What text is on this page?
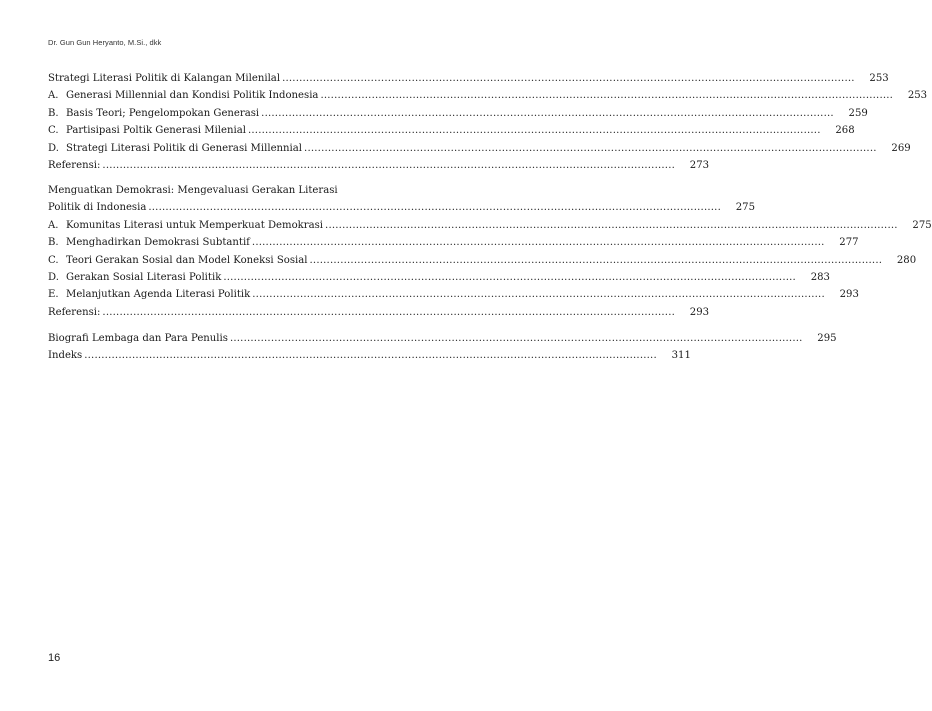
Dr. Gun Gun Heryanto, M.Si., dkk
Strategi Literasi Politik di Kalangan Milenilal .....	253
A. Generasi Millennial dan Kondisi Politik Indonesia .....	253
B. Basis Teori; Pengelompokan Generasi .....	259
C. Partisipasi Poltik Generasi Milenial .....	268
D. Strategi Literasi Politik di Generasi Millennial .....	269
Referensi: .....	273
Menguatkan Demokrasi: Mengevaluasi Gerakan Literasi
Politik di Indonesia .....	275
A. Komunitas Literasi untuk Memperkuat Demokrasi .....	275
B. Menghadirkan Demokrasi Subtantif .....	277
C. Teori Gerakan Sosial dan Model Koneksi Sosial .....	280
D. Gerakan Sosial Literasi Politik .....	283
E. Melanjutkan Agenda Literasi Politik .....	293
Referensi: .....	293
Biografi Lembaga dan Para Penulis .....	295
Indeks .....	311
16
